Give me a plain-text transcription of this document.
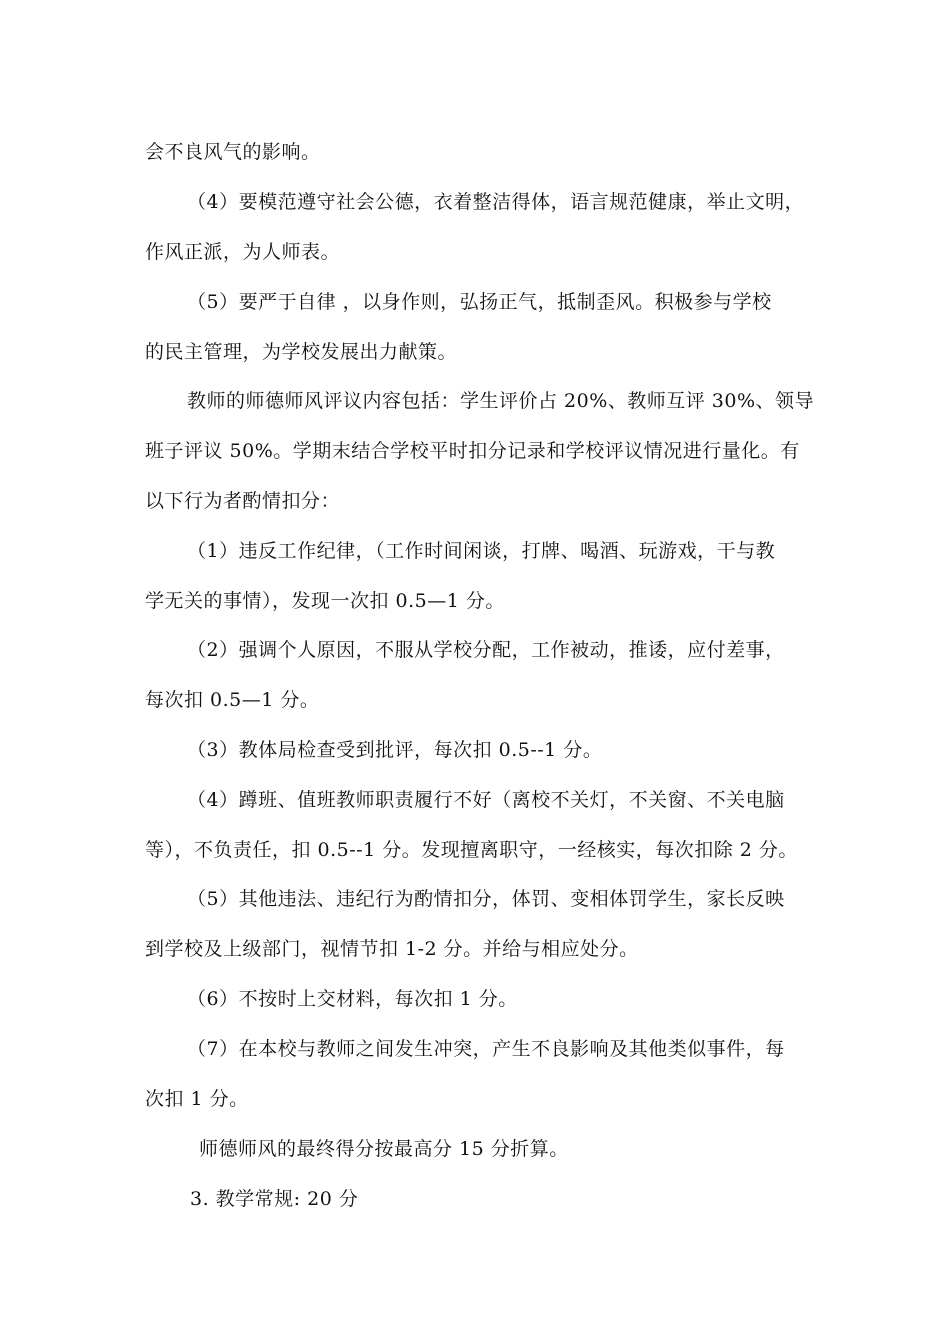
会不良风气的影响。
（4）要模范遵守社会公德，衣着整洁得体，语言规范健康，举止文明，
作风正派，为人师表。
（5）要严于自律 ，以身作则，弘扬正气，抵制歪风。积极参与学校
的民主管理，为学校发展出力献策。
教师的师德师风评议内容包括：学生评价占 20%、教师互评 30%、领导
班子评议 50%。学期末结合学校平时扣分记录和学校评议情况进行量化。有
以下行为者酌情扣分：
（1）违反工作纪律，（工作时间闲谈，打牌、喝酒、玩游戏，干与教
学无关的事情），发现一次扣 0.5—1 分。
（2）强调个人原因，不服从学校分配，工作被动，推诿，应付差事，
每次扣 0.5—1 分。
（3）教体局检查受到批评，每次扣 0.5--1 分。
（4）蹲班、值班教师职责履行不好（离校不关灯，不关窗、不关电脑
等），不负责任，扣 0.5--1 分。发现擅离职守，一经核实，每次扣除 2 分。
（5）其他违法、违纪行为酌情扣分，体罚、变相体罚学生，家长反映
到学校及上级部门，视情节扣 1-2 分。并给与相应处分。
（6）不按时上交材料，每次扣 1 分。
（7）在本校与教师之间发生冲突，产生不良影响及其他类似事件，每
次扣 1 分。
师德师风的最终得分按最高分 15 分折算。
3. 教学常规: 20 分
